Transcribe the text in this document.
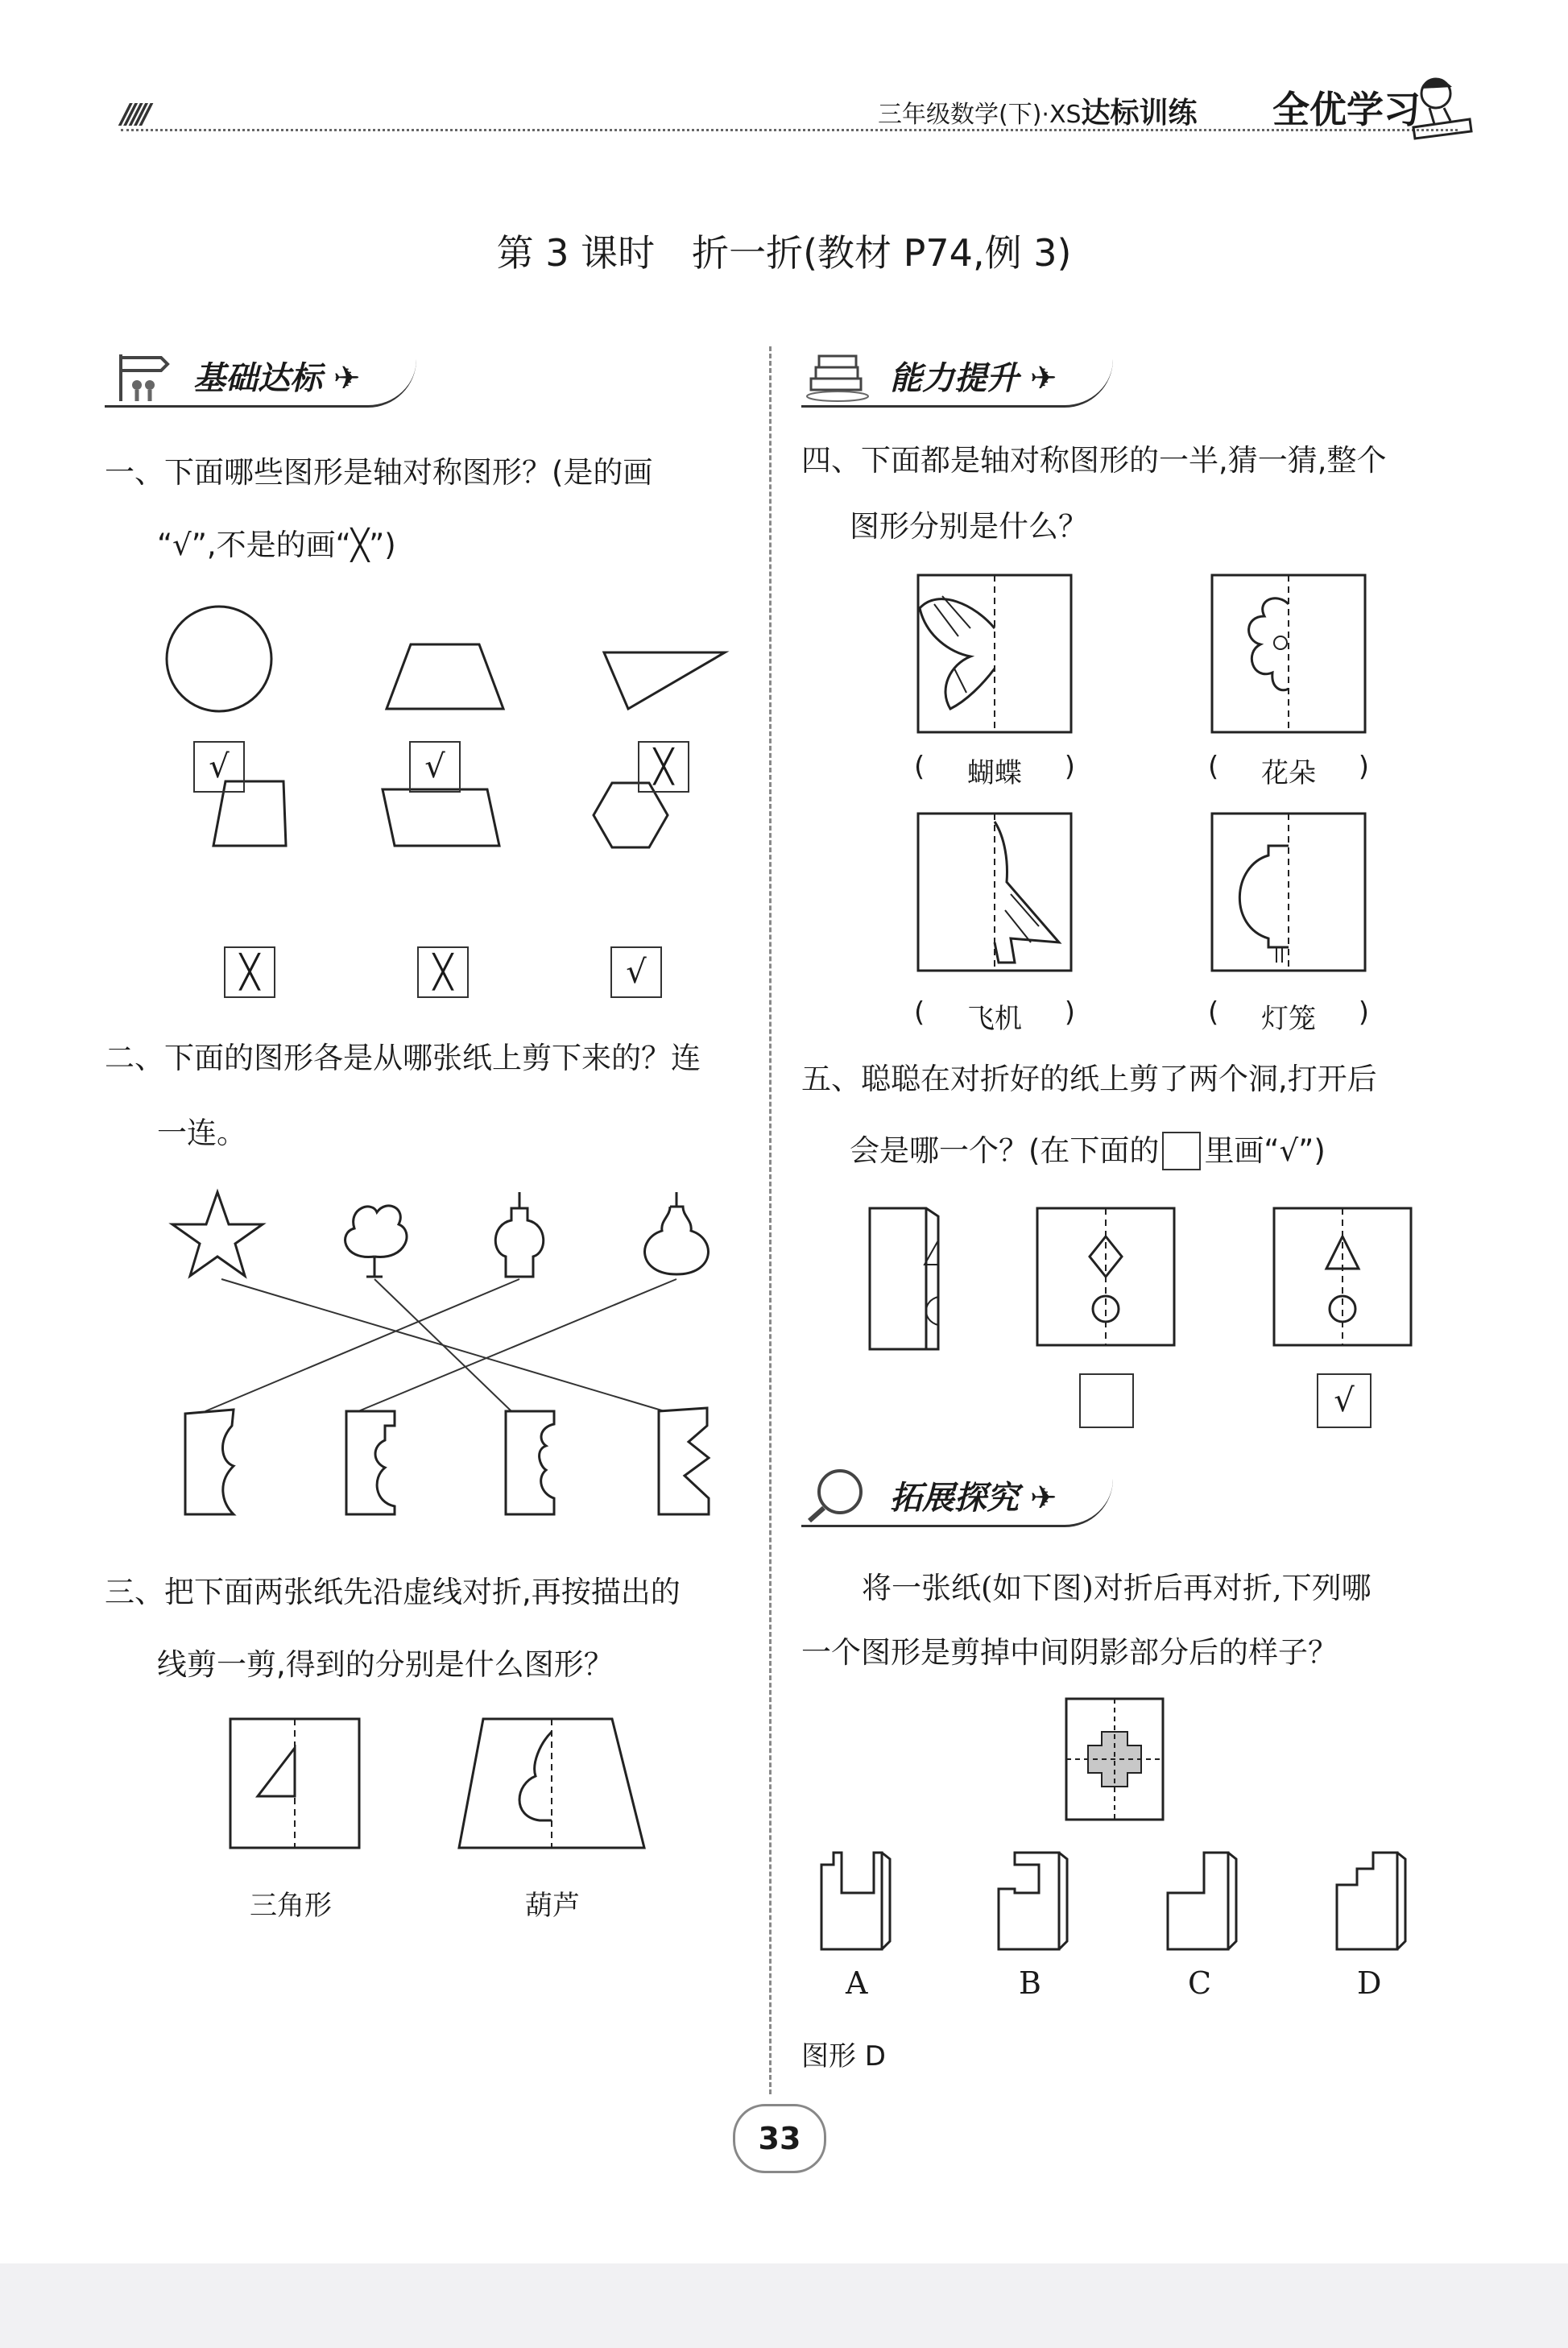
/////	三年级数学(下)·XS达标训练 全优学习
第 3 课时　折一折(教材 P74,例 3)
基础达标 ✈
一、下面哪些图形是轴对称图形？(是的画
“√”,不是的画“╳”)
√	√	╳
╳	╳	√
二、下面的图形各是从哪张纸上剪下来的？连
一连。
三、把下面两张纸先沿虚线对折,再按描出的
线剪一剪,得到的分别是什么图形？
三角形	葫芦
能力提升 ✈
四、下面都是轴对称图形的一半,猜一猜,整个
图形分别是什么？
( 蝴蝶 )	( 花朵 )
( 飞机 )	( 灯笼 )
五、聪聪在对折好的纸上剪了两个洞,打开后
会是哪一个？(在下面的 里画“√”)
√
拓展探究 ✈
将一张纸(如下图)对折后再对折,下列哪
一个图形是剪掉中间阴影部分后的样子？
A	B	C	D
图形 D
33
